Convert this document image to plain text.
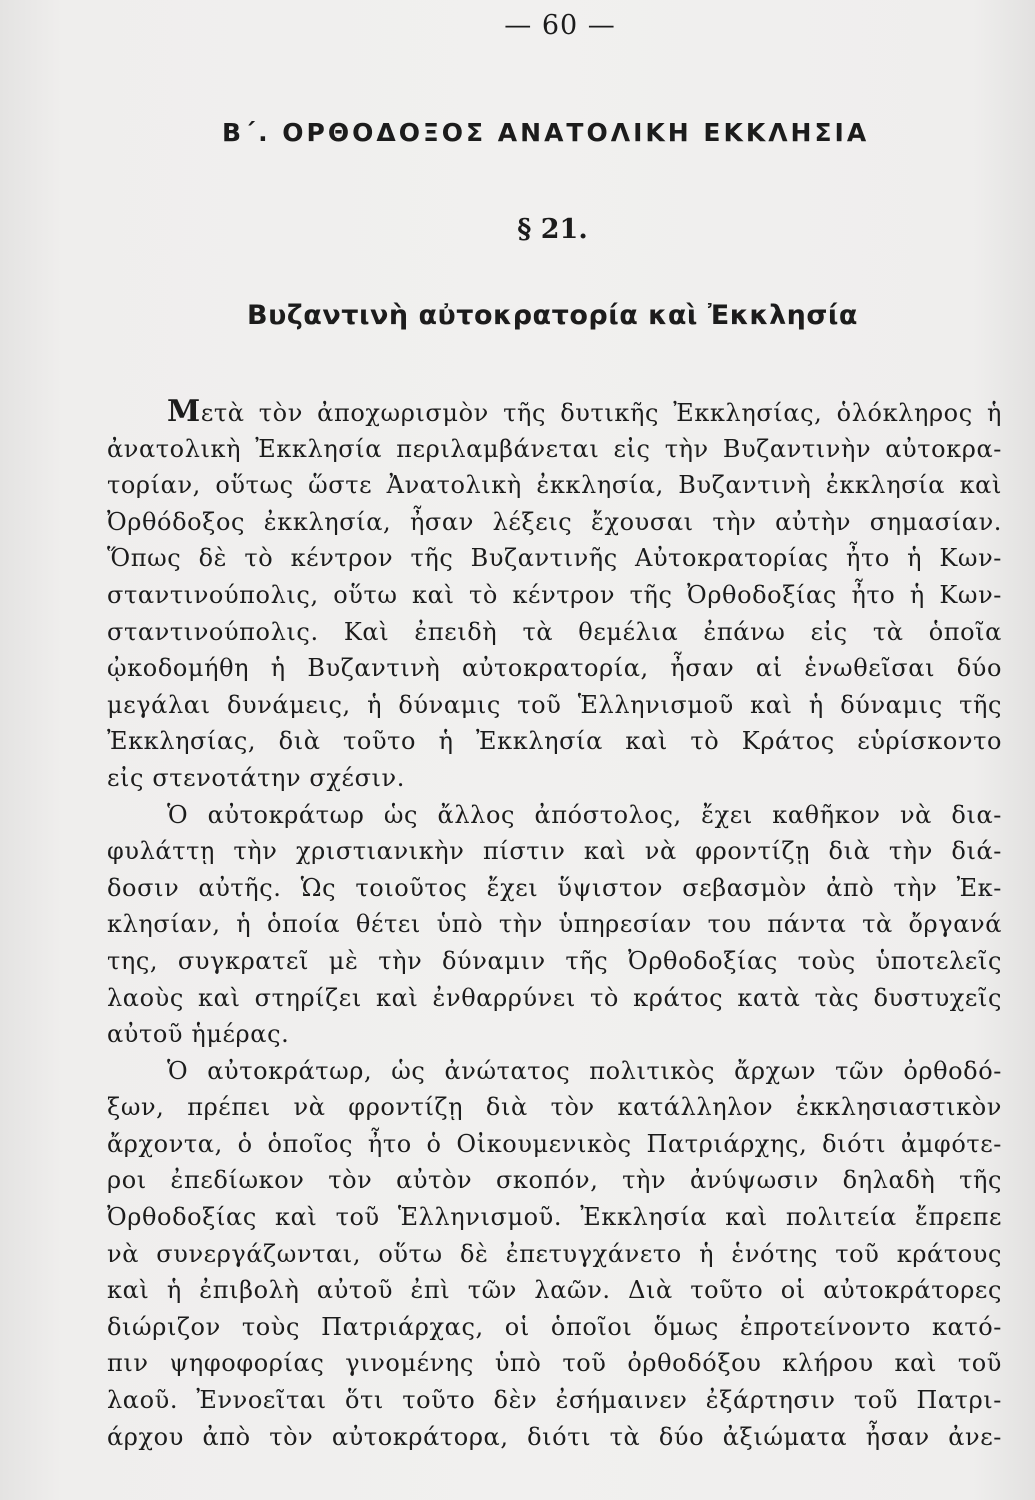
— 60 —
Β΄. ΟΡΘΟΔΟΞΟΣ ΑΝΑΤΟΛΙΚΗ ΕΚΚΛΗΣΙΑ
§ 21.
Βυζαντινὴ αὐτοκρατορία καὶ Ἐκκλησία
Μετὰ τὸν ἀποχωρισμὸν τῆς δυτικῆς Ἐκκλησίας, ὁλόκληρος ἡ
ἀνατολικὴ Ἐκκλησία περιλαμβάνεται εἰς τὴν Βυζαντινὴν αὐτοκρα-
τορίαν, οὕτως ὥστε Ἀνατολικὴ ἐκκλησία, Βυζαντινὴ ἐκκλησία καὶ
Ὀρθόδοξος ἐκκλησία, ἦσαν λέξεις ἔχουσαι τὴν αὐτὴν σημασίαν.
Ὅπως δὲ τὸ κέντρον τῆς Βυζαντινῆς Αὐτοκρατορίας ἦτο ἡ Κων-
σταντινούπολις, οὕτω καὶ τὸ κέντρον τῆς Ὀρθοδοξίας ἦτο ἡ Κων-
σταντινούπολις. Καὶ ἐπειδὴ τὰ θεμέλια ἐπάνω εἰς τὰ ὁποῖα
ᾠκοδομήθη ἡ Βυζαντινὴ αὐτοκρατορία, ἦσαν αἱ ἑνωθεῖσαι δύο
μεγάλαι δυνάμεις, ἡ δύναμις τοῦ Ἑλληνισμοῦ καὶ ἡ δύναμις τῆς
Ἐκκλησίας, διὰ τοῦτο ἡ Ἐκκλησία καὶ τὸ Κράτος εὑρίσκοντο
εἰς στενοτάτην σχέσιν.
Ὁ αὐτοκράτωρ ὡς ἄλλος ἀπόστολος, ἔχει καθῆκον νὰ δια-
φυλάττῃ τὴν χριστιανικὴν πίστιν καὶ νὰ φροντίζῃ διὰ τὴν διά-
δοσιν αὐτῆς. Ὡς τοιοῦτος ἔχει ὕψιστον σεβασμὸν ἀπὸ τὴν Ἐκ-
κλησίαν, ἡ ὁποία θέτει ὑπὸ τὴν ὑπηρεσίαν του πάντα τὰ ὄργανά
της, συγκρατεῖ μὲ τὴν δύναμιν τῆς Ὀρθοδοξίας τοὺς ὑποτελεῖς
λαοὺς καὶ στηρίζει καὶ ἐνθαρρύνει τὸ κράτος κατὰ τὰς δυστυχεῖς
αὐτοῦ ἡμέρας.
Ὁ αὐτοκράτωρ, ὡς ἀνώτατος πολιτικὸς ἄρχων τῶν ὀρθοδό-
ξων, πρέπει νὰ φροντίζῃ διὰ τὸν κατάλληλον ἐκκλησιαστικὸν
ἄρχοντα, ὁ ὁποῖος ἦτο ὁ Οἰκουμενικὸς Πατριάρχης, διότι ἀμφότε-
ροι ἐπεδίωκον τὸν αὐτὸν σκοπόν, τὴν ἀνύψωσιν δηλαδὴ τῆς
Ὀρθοδοξίας καὶ τοῦ Ἑλληνισμοῦ. Ἐκκλησία καὶ πολιτεία ἔπρεπε
νὰ συνεργάζωνται, οὕτω δὲ ἐπετυγχάνετο ἡ ἑνότης τοῦ κράτους
καὶ ἡ ἐπιβολὴ αὐτοῦ ἐπὶ τῶν λαῶν. Διὰ τοῦτο οἱ αὐτοκράτορες
διώριζον τοὺς Πατριάρχας, οἱ ὁποῖοι ὅμως ἐπροτείνοντο κατό-
πιν ψηφοφορίας γινομένης ὑπὸ τοῦ ὀρθοδόξου κλήρου καὶ τοῦ
λαοῦ. Ἐννοεῖται ὅτι τοῦτο δὲν ἐσήμαινεν ἐξάρτησιν τοῦ Πατρι-
άρχου ἀπὸ τὸν αὐτοκράτορα, διότι τὰ δύο ἀξιώματα ἦσαν ἀνε-
